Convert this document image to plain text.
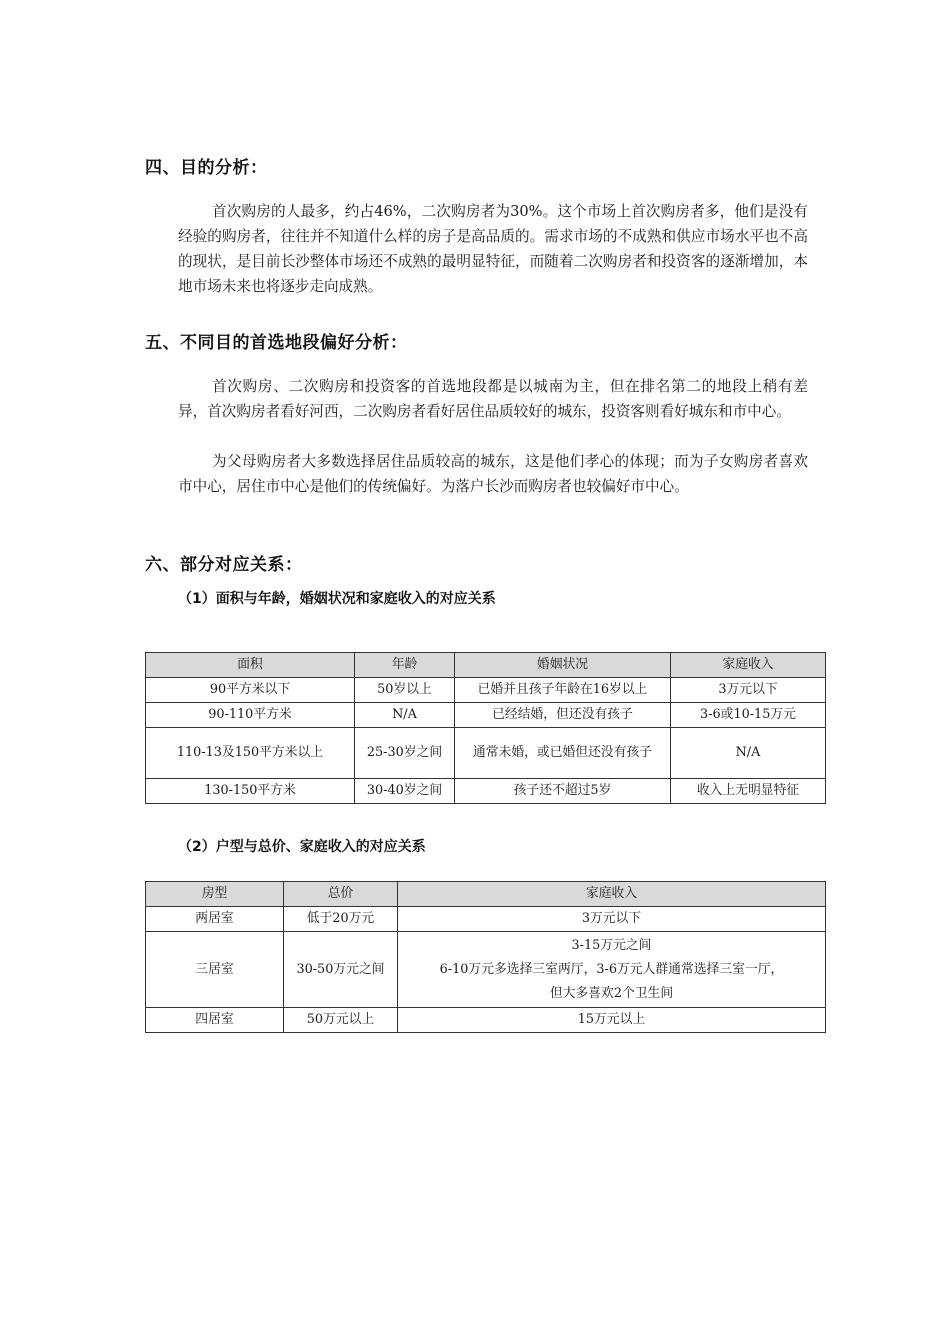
四、目的分析：

首次购房的人最多，约占46%，二次购房者为30%。这个市场上首次购房者多，他们是没有经验的购房者，往往并不知道什么样的房子是高品质的。需求市场的不成熟和供应市场水平也不高的现状，是目前长沙整体市场还不成熟的最明显特征，而随着二次购房者和投资客的逐渐增加，本地市场未来也将逐步走向成熟。

五、不同目的首选地段偏好分析：

首次购房、二次购房和投资客的首选地段都是以城南为主，但在排名第二的地段上稍有差异，首次购房者看好河西，二次购房者看好居住品质较好的城东，投资客则看好城东和市中心。

为父母购房者大多数选择居住品质较高的城东，这是他们孝心的体现；而为子女购房者喜欢市中心，居住市中心是他们的传统偏好。为落户长沙而购房者也较偏好市中心。

六、部分对应关系：
（1）面积与年龄，婚姻状况和家庭收入的对应关系
面积	年龄	婚姻状况	家庭收入
90平方米以下	50岁以上	已婚并且孩子年龄在16岁以上	3万元以下
90-110平方米	N/A	已经结婚，但还没有孩子	3-6或10-15万元
110-13及150平方米以上	25-30岁之间	通常未婚，或已婚但还没有孩子	N/A
130-150平方米	30-40岁之间	孩子还不超过5岁	收入上无明显特征
（2）户型与总价、家庭收入的对应关系
房型	总价	家庭收入
两居室	低于20万元	3万元以下

三居室	30-50万元之间	3-15万元之间
6-10万元多选择三室两厅，3-6万元人群通常选择三室一厅，
但大多喜欢2个卫生间

四居室	50万元以上	15万元以上
